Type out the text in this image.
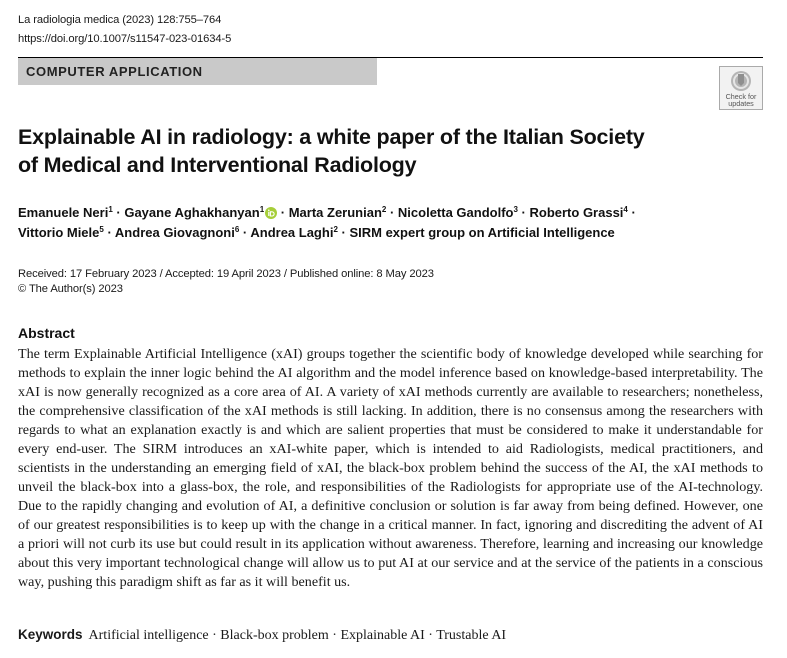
La radiologia medica (2023) 128:755–764
https://doi.org/10.1007/s11547-023-01634-5
COMPUTER APPLICATION
Check for updates
Explainable AI in radiology: a white paper of the Italian Society of Medical and Interventional Radiology
Emanuele Neri$^1$ · Gayane Aghakhanyan$^1$ · Marta Zerunian$^2$ · Nicoletta Gandolfo$^3$ · Roberto Grassi$^4$ ·
Vittorio Miele$^5$ · Andrea Giovagnoni$^6$ · Andrea Laghi$^2$ · SIRM expert group on Artificial Intelligence
Received: 17 February 2023 / Accepted: 19 April 2023 / Published online: 8 May 2023
© The Author(s) 2023
Abstract

The term Explainable Artificial Intelligence (xAI) groups together the scientific body of knowledge developed while searching for methods to explain the inner logic behind the AI algorithm and the model inference based on knowledge-based interpretability. The xAI is now generally recognized as a core area of AI. A variety of xAI methods currently are available to researchers; nonetheless, the comprehensive classification of the xAI methods is still lacking. In addition, there is no consensus among the researchers with regards to what an explanation exactly is and which are salient properties that must be considered to make it understandable for every end-user. The SIRM introduces an xAI-white paper, which is intended to aid Radiologists, medical practitioners, and scientists in the understanding an emerging field of xAI, the black-box problem behind the success of the AI, the xAI methods to unveil the black-box into a glass-box, the role, and responsibilities of the Radiologists for appropriate use of the AI-technology. Due to the rapidly changing and evolution of AI, a definitive conclusion or solution is far away from being defined. However, one of our greatest responsibilities is to keep up with the change in a critical manner. In fact, ignoring and discrediting the advent of AI a priori will not curb its use but could result in its application without awareness. Therefore, learning and increasing our knowledge about this very important technological change will allow us to put AI at our service and at the service of the patients in a conscious way, pushing this paradigm shift as far as it will benefit us.

Keywords Artificial intelligence · Black-box problem · Explainable AI · Trustable AI
